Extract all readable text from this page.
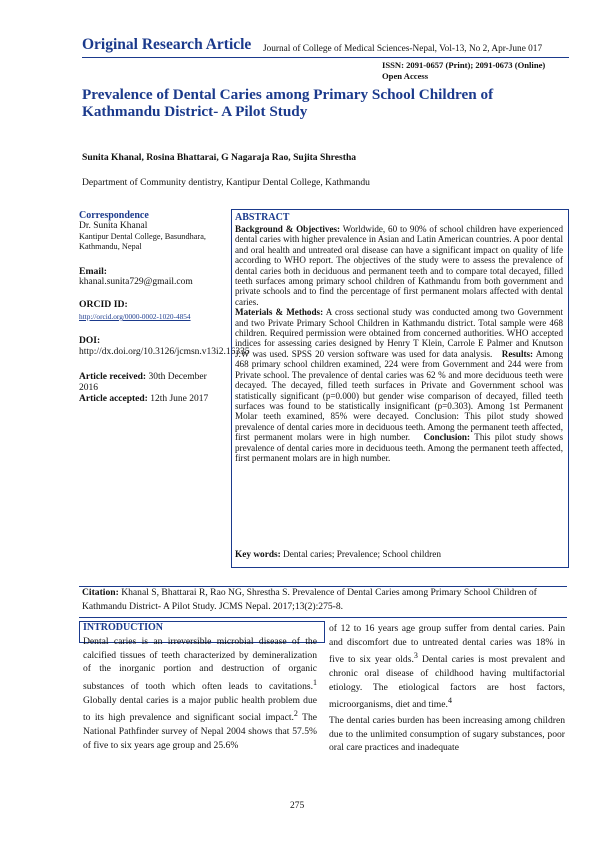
Original Research Article Journal of College of Medical Sciences-Nepal, Vol-13, No 2, Apr-June 017
ISSN: 2091-0657 (Print); 2091-0673 (Online)
Open Access
Prevalence of Dental Caries among Primary School Children of Kathmandu District- A Pilot Study
Sunita Khanal, Rosina Bhattarai, G Nagaraja Rao, Sujita Shrestha
Department of Community dentistry, Kantipur Dental College, Kathmandu
Correspondence
Dr. Sunita Khanal
Kantipur Dental College, Basundhara, Kathmandu, Nepal
Email:
khanal.sunita729@gmail.com
ORCID ID:
http://orcid.org/0000-0002-1020-4854
DOI: http://dx.doi.org/10.3126/jcmsn.v13i2.16335
Article received: 30th December 2016
Article accepted: 12th June 2017
ABSTRACT
Background & Objectives: Worldwide, 60 to 90% of school children have experienced dental caries with higher prevalence in Asian and Latin American countries. A poor dental and oral health and untreated oral disease can have a significant impact on quality of life according to WHO report. The objectives of the study were to assess the prevalence of dental caries both in deciduous and permanent teeth and to compare total decayed, filled teeth surfaces among primary school children of Kathmandu from both government and private schools and to find the percentage of first permanent molars affected with dental caries.
Materials & Methods: A cross sectional study was conducted among two Government and two Private Primary School Children in Kathmandu district. Total sample were 468 children. Required permission were obtained from concerned authorities. WHO accepted indices for assessing caries designed by Henry T Klein, Carrole E Palmer and Knutson J.W was used. SPSS 20 version software was used for data analysis. Results: Among 468 primary school children examined, 224 were from Government and 244 were from Private school. The prevalence of dental caries was 62 % and more deciduous teeth were decayed. The decayed, filled teeth surfaces in Private and Government school was statistically significant (p=0.000) but gender wise comparison of decayed, filled teeth surfaces was found to be statistically insignificant (p=0.303). Among 1st Permanent Molar teeth examined, 85% were decayed. Conclusion: This pilot study showed prevalence of dental caries more in deciduous teeth. Among the permanent teeth affected, first permanent molars were in high number. Conclusion: This pilot study shows prevalence of dental caries more in deciduous teeth. Among the permanent teeth affected, first permanent molars are in high number.
Key words: Dental caries; Prevalence; School children
Citation: Khanal S, Bhattarai R, Rao NG, Shrestha S. Prevalence of Dental Caries among Primary School Children of Kathmandu District- A Pilot Study. JCMS Nepal. 2017;13(2):275-8.
INTRODUCTION

Dental caries is an irreversible microbial disease of the calcified tissues of teeth characterized by demineralization of the inorganic portion and destruction of organic substances of tooth which often leads to cavitations.$^1$ Globally dental caries is a major public health problem due to its high prevalence and significant social impact.$^2$ The National Pathfinder survey of Nepal 2004 shows that 57.5% of five to six years age group and 25.6%

of 12 to 16 years age group suffer from dental caries. Pain and discomfort due to untreated dental caries was 18% in five to six year olds.$^3$ Dental caries is most prevalent and chronic oral disease of childhood having multifactorial etiology. The etiological factors are host factors, microorganisms, diet and time.$^4$

The dental caries burden has been increasing among children due to the unlimited consumption of sugary substances, poor oral care practices and inadequate

275
